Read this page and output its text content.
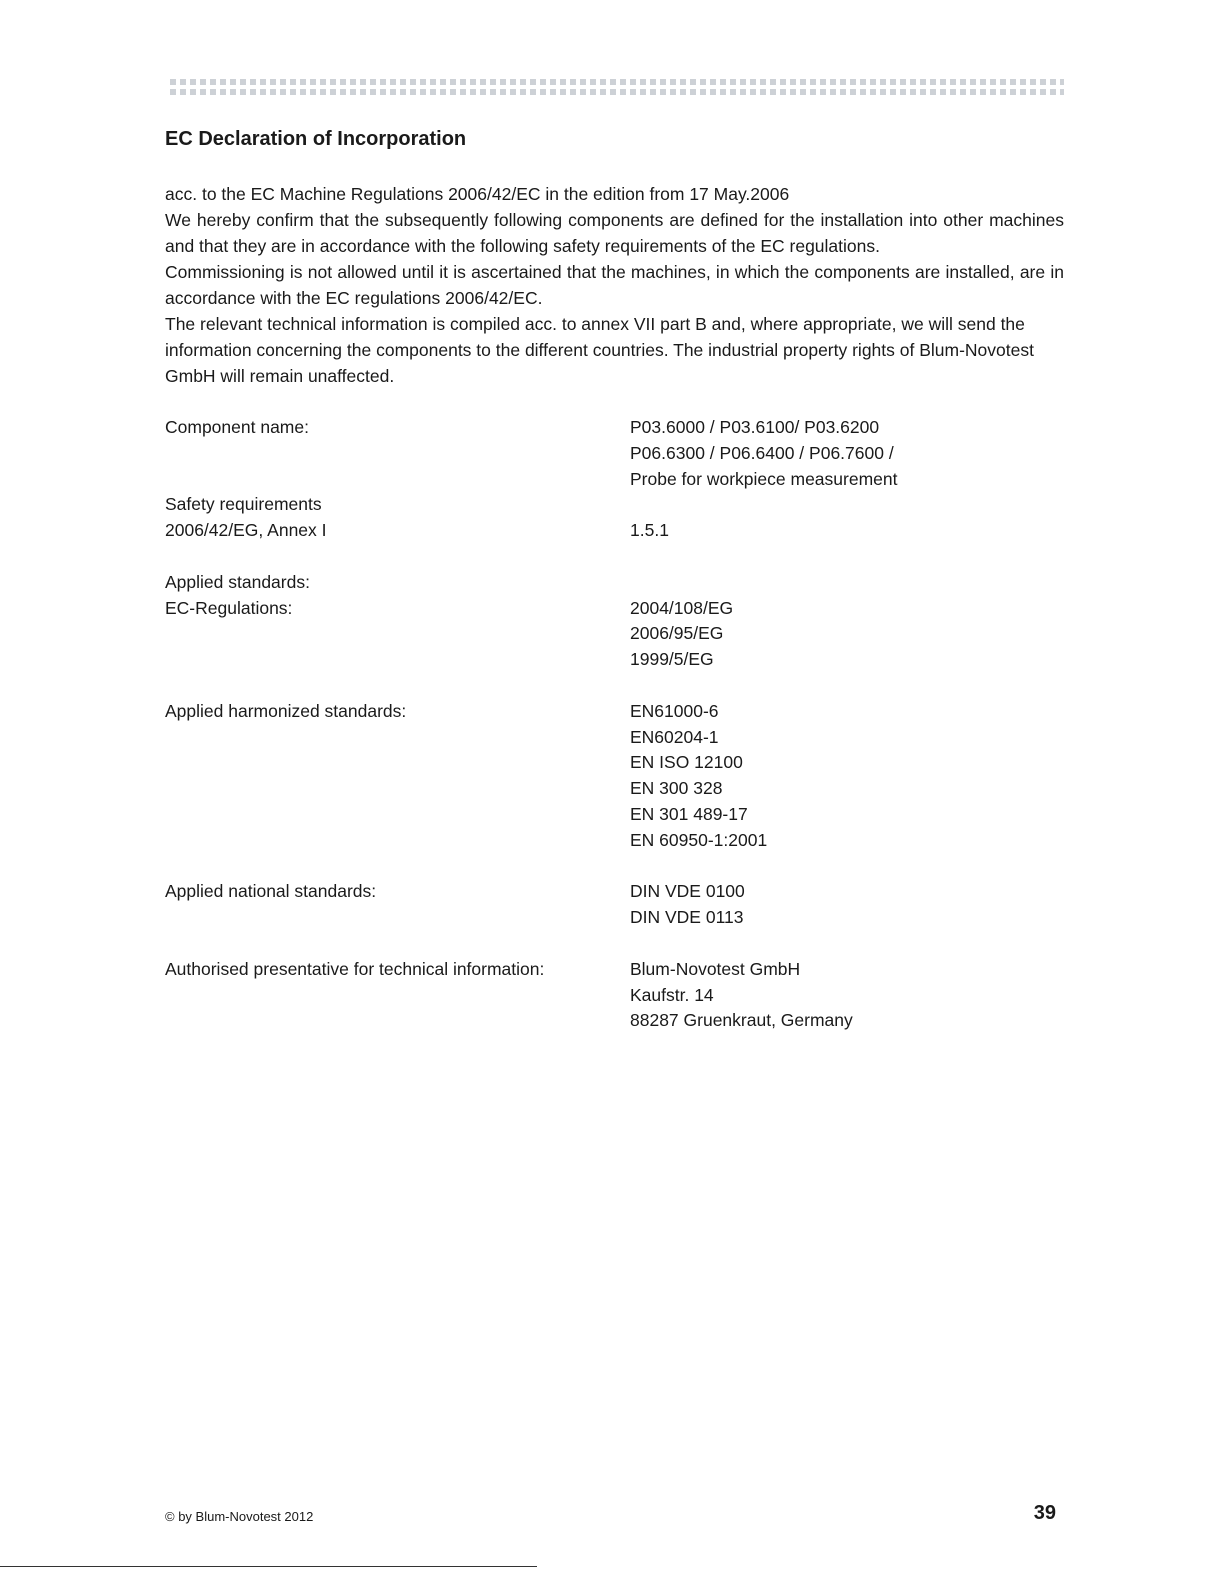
EC Declaration of Incorporation

acc. to the EC Machine Regulations 2006/42/EC in the edition from 17 May.2006

We hereby confirm that the subsequently following components are defined for the installation into other machines and that they are in accordance with the following safety requirements of the EC regulations.

Commissioning is not allowed until it is ascertained that the machines, in which the components are installed, are in accordance with the EC regulations 2006/42/EC.

The relevant technical information is compiled acc. to annex VII part B and, where appropriate, we will send the information concerning the components to the different countries. The industrial property rights of Blum-Novotest GmbH will remain unaffected.

Component name:	P03.6000 / P03.6100/ P03.6200
P06.6300 / P06.6400 / P06.7600 /
Probe for workpiece measurement
Safety requirements
2006/42/EG, Annex I	1.5.1
Applied standards:
EC-Regulations:	2004/108/EG
2006/95/EG
1999/5/EG
Applied harmonized standards:	EN61000-6
EN60204-1
EN ISO 12100
EN 300 328
EN 301 489-17
EN 60950-1:2001
Applied national standards:	DIN VDE 0100
DIN VDE 0113
Authorised presentative for technical information:	Blum-Novotest GmbH
Kaufstr. 14
88287 Gruenkraut, Germany
© by Blum-Novotest 2012	39
